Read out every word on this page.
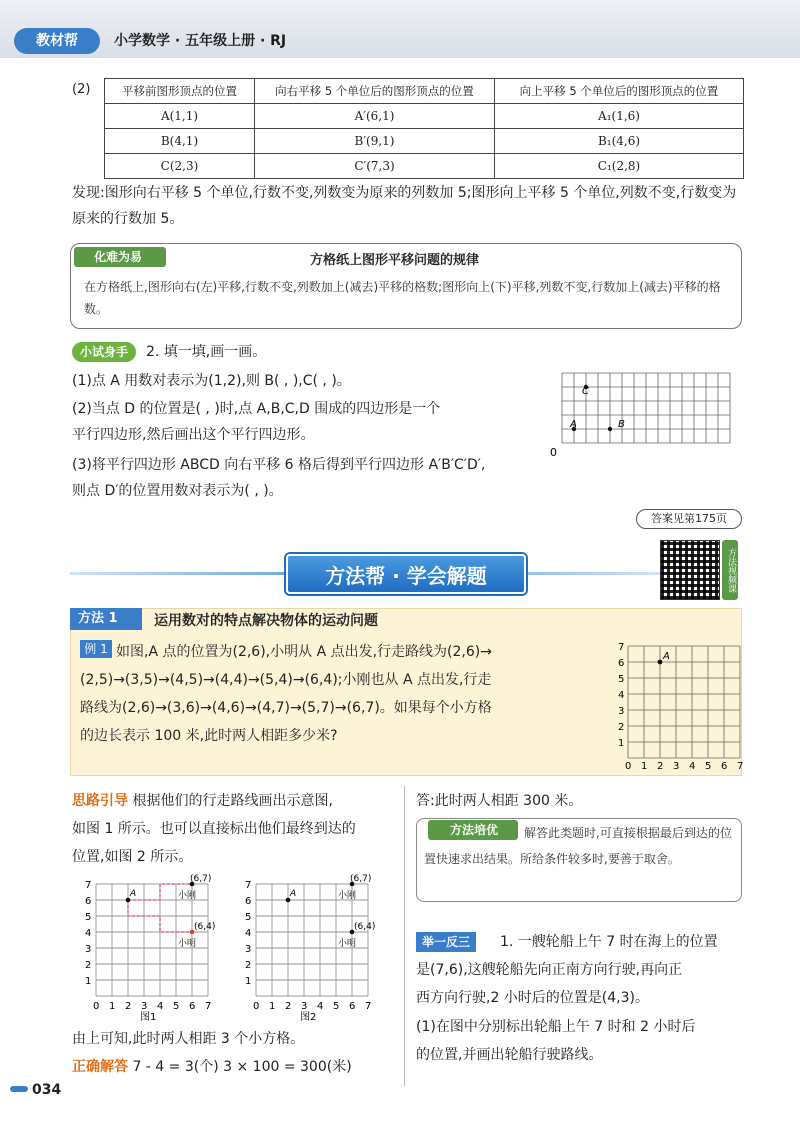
教材帮	小学数学 · 五年级上册 · RJ
(2)	平移前图形顶点的位置	向右平移 5 个单位后的图形顶点的位置	向上平移 5 个单位后的图形顶点的位置
A(1,1)	A′(6,1)	A₁(1,6)
B(4,1)	B′(9,1)	B₁(4,6)
C(2,3)	C′(7,3)	C₁(2,8)
发现:图形向右平移 5 个单位,行数不变,列数变为原来的列数加 5;图形向上平移 5 个单位,列数不变,行数变为原来的行数加 5。
化难为易	方格纸上图形平移问题的规律
在方格纸上,图形向右(左)平移,行数不变,列数加上(减去)平移的格数;图形向上(下)平移,列数不变,行数加上(减去)平移的格数。
小试身手	2. 填一填,画一画。
(1)点 A 用数对表示为(1,2),则 B( , ),C( , )。
(2)当点 D 的位置是( , )时,点 A,B,C,D 围成的四边形是一个
平行四边形,然后画出这个平行四边形。
(3)将平行四边形 ABCD 向右平移 6 格后得到平行四边形 A′B′C′D′,
则点 D′的位置用数对表示为( , )。
A	B
C
0
答案见第175页
方法帮 · 学会解题	方法视频课
方法 1	运用数对的特点解决物体的运动问题
例 1 如图,A 点的位置为(2,6),小明从 A 点出发,行走路线为(2,6)→
(2,5)→(3,5)→(4,5)→(4,4)→(5,4)→(6,4);小刚也从 A 点出发,行走
路线为(2,6)→(3,6)→(4,6)→(4,7)→(5,7)→(6,7)。如果每个小方格
的边长表示 100 米,此时两人相距多少米?
A
0 1 2 3 4 5 6 7
1
2
3
4
5
6
7
思路引导 根据他们的行走路线画出示意图,
如图 1 所示。也可以直接标出他们最终到达的
位置,如图 2 所示。
A	小刚
小明
(6,7)
(6,4)
0 1 2 3 4 5 6 7
1
2
3
4
5
6
7
图1
A	小刚
小明
(6,7)
(6,4)
0 1 2 3 4 5 6 7
1
2
3
4
5
6
7
图2
由上可知,此时两人相距 3 个小方格。
正确解答 7 - 4 = 3(个) 3 × 100 = 300(米)
答:此时两人相距 300 米。
方法培优	解答此类题时,可直接根据最后到达的位置快速求出结果。所给条件较多时,要善于取舍。
举一反三	1. 一艘轮船上午 7 时在海上的位置
是(7,6),这艘轮船先向正南方向行驶,再向正
西方向行驶,2 小时后的位置是(4,3)。
(1)在图中分别标出轮船上午 7 时和 2 小时后
的位置,并画出轮船行驶路线。
034
